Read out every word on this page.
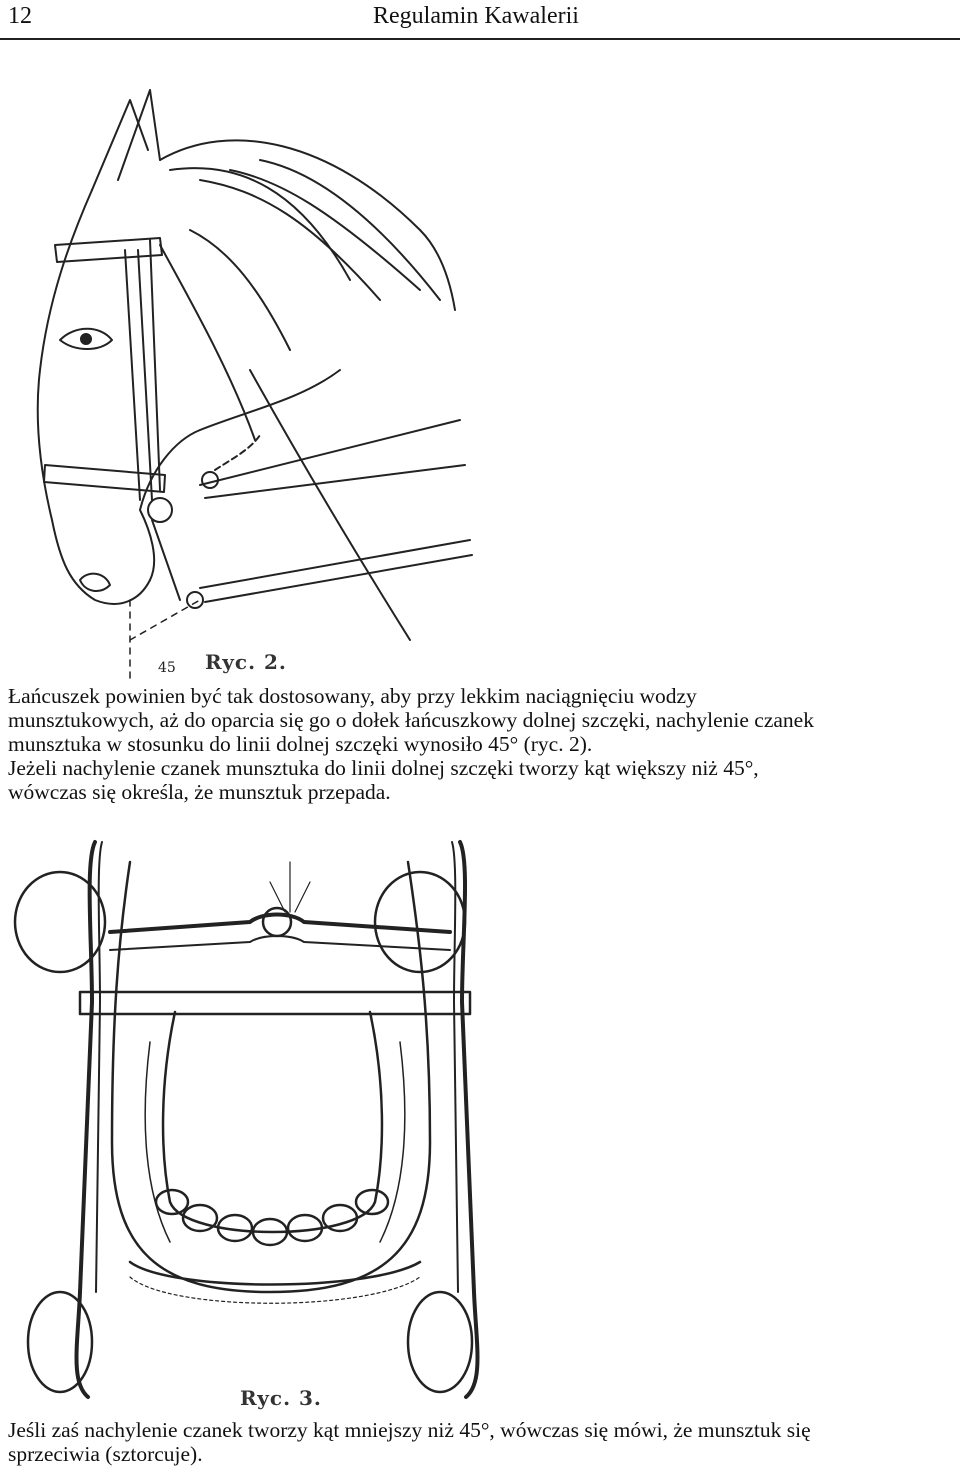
12	Regulamin Kawalerii
45 Ryc. 2.
Łańcuszek powinien być tak dostosowany, aby przy lekkim naciągnięciu wodzy
munsztukowych, aż do oparcia się go o dołek łańcuszkowy dolnej szczęki, nachylenie czanek
munsztuka w stosunku do linii dolnej szczęki wynosiło 45° (ryc. 2).
Jeżeli nachylenie czanek munsztuka do linii dolnej szczęki tworzy kąt większy niż 45°,
wówczas się określa, że munsztuk przepada.
Ryc. 3.
Jeśli zaś nachylenie czanek tworzy kąt mniejszy niż 45°, wówczas się mówi, że munsztuk się
sprzeciwia (sztorcuje).
